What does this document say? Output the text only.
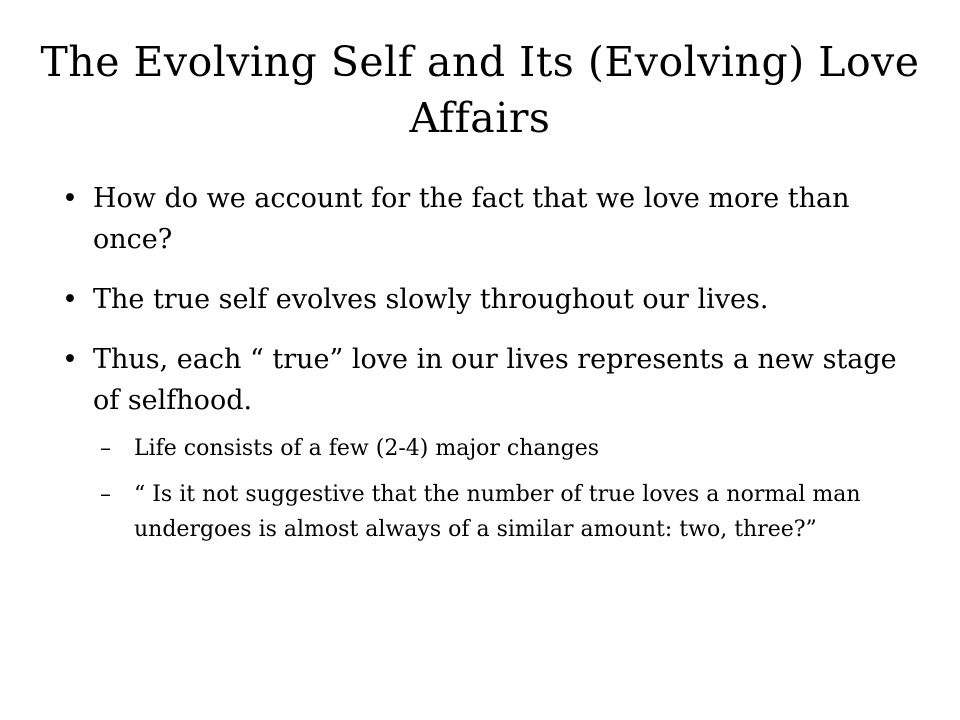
The Evolving Self and Its (Evolving) Love Affairs
• How do we account for the fact that we love more than once?
• The true self evolves slowly throughout our lives.
• Thus, each “ true” love in our lives represents a new stage of selfhood.
– Life consists of a few (2-4) major changes
– “ Is it not suggestive that the number of true loves a normal man undergoes is almost always of a similar amount: two, three?”
